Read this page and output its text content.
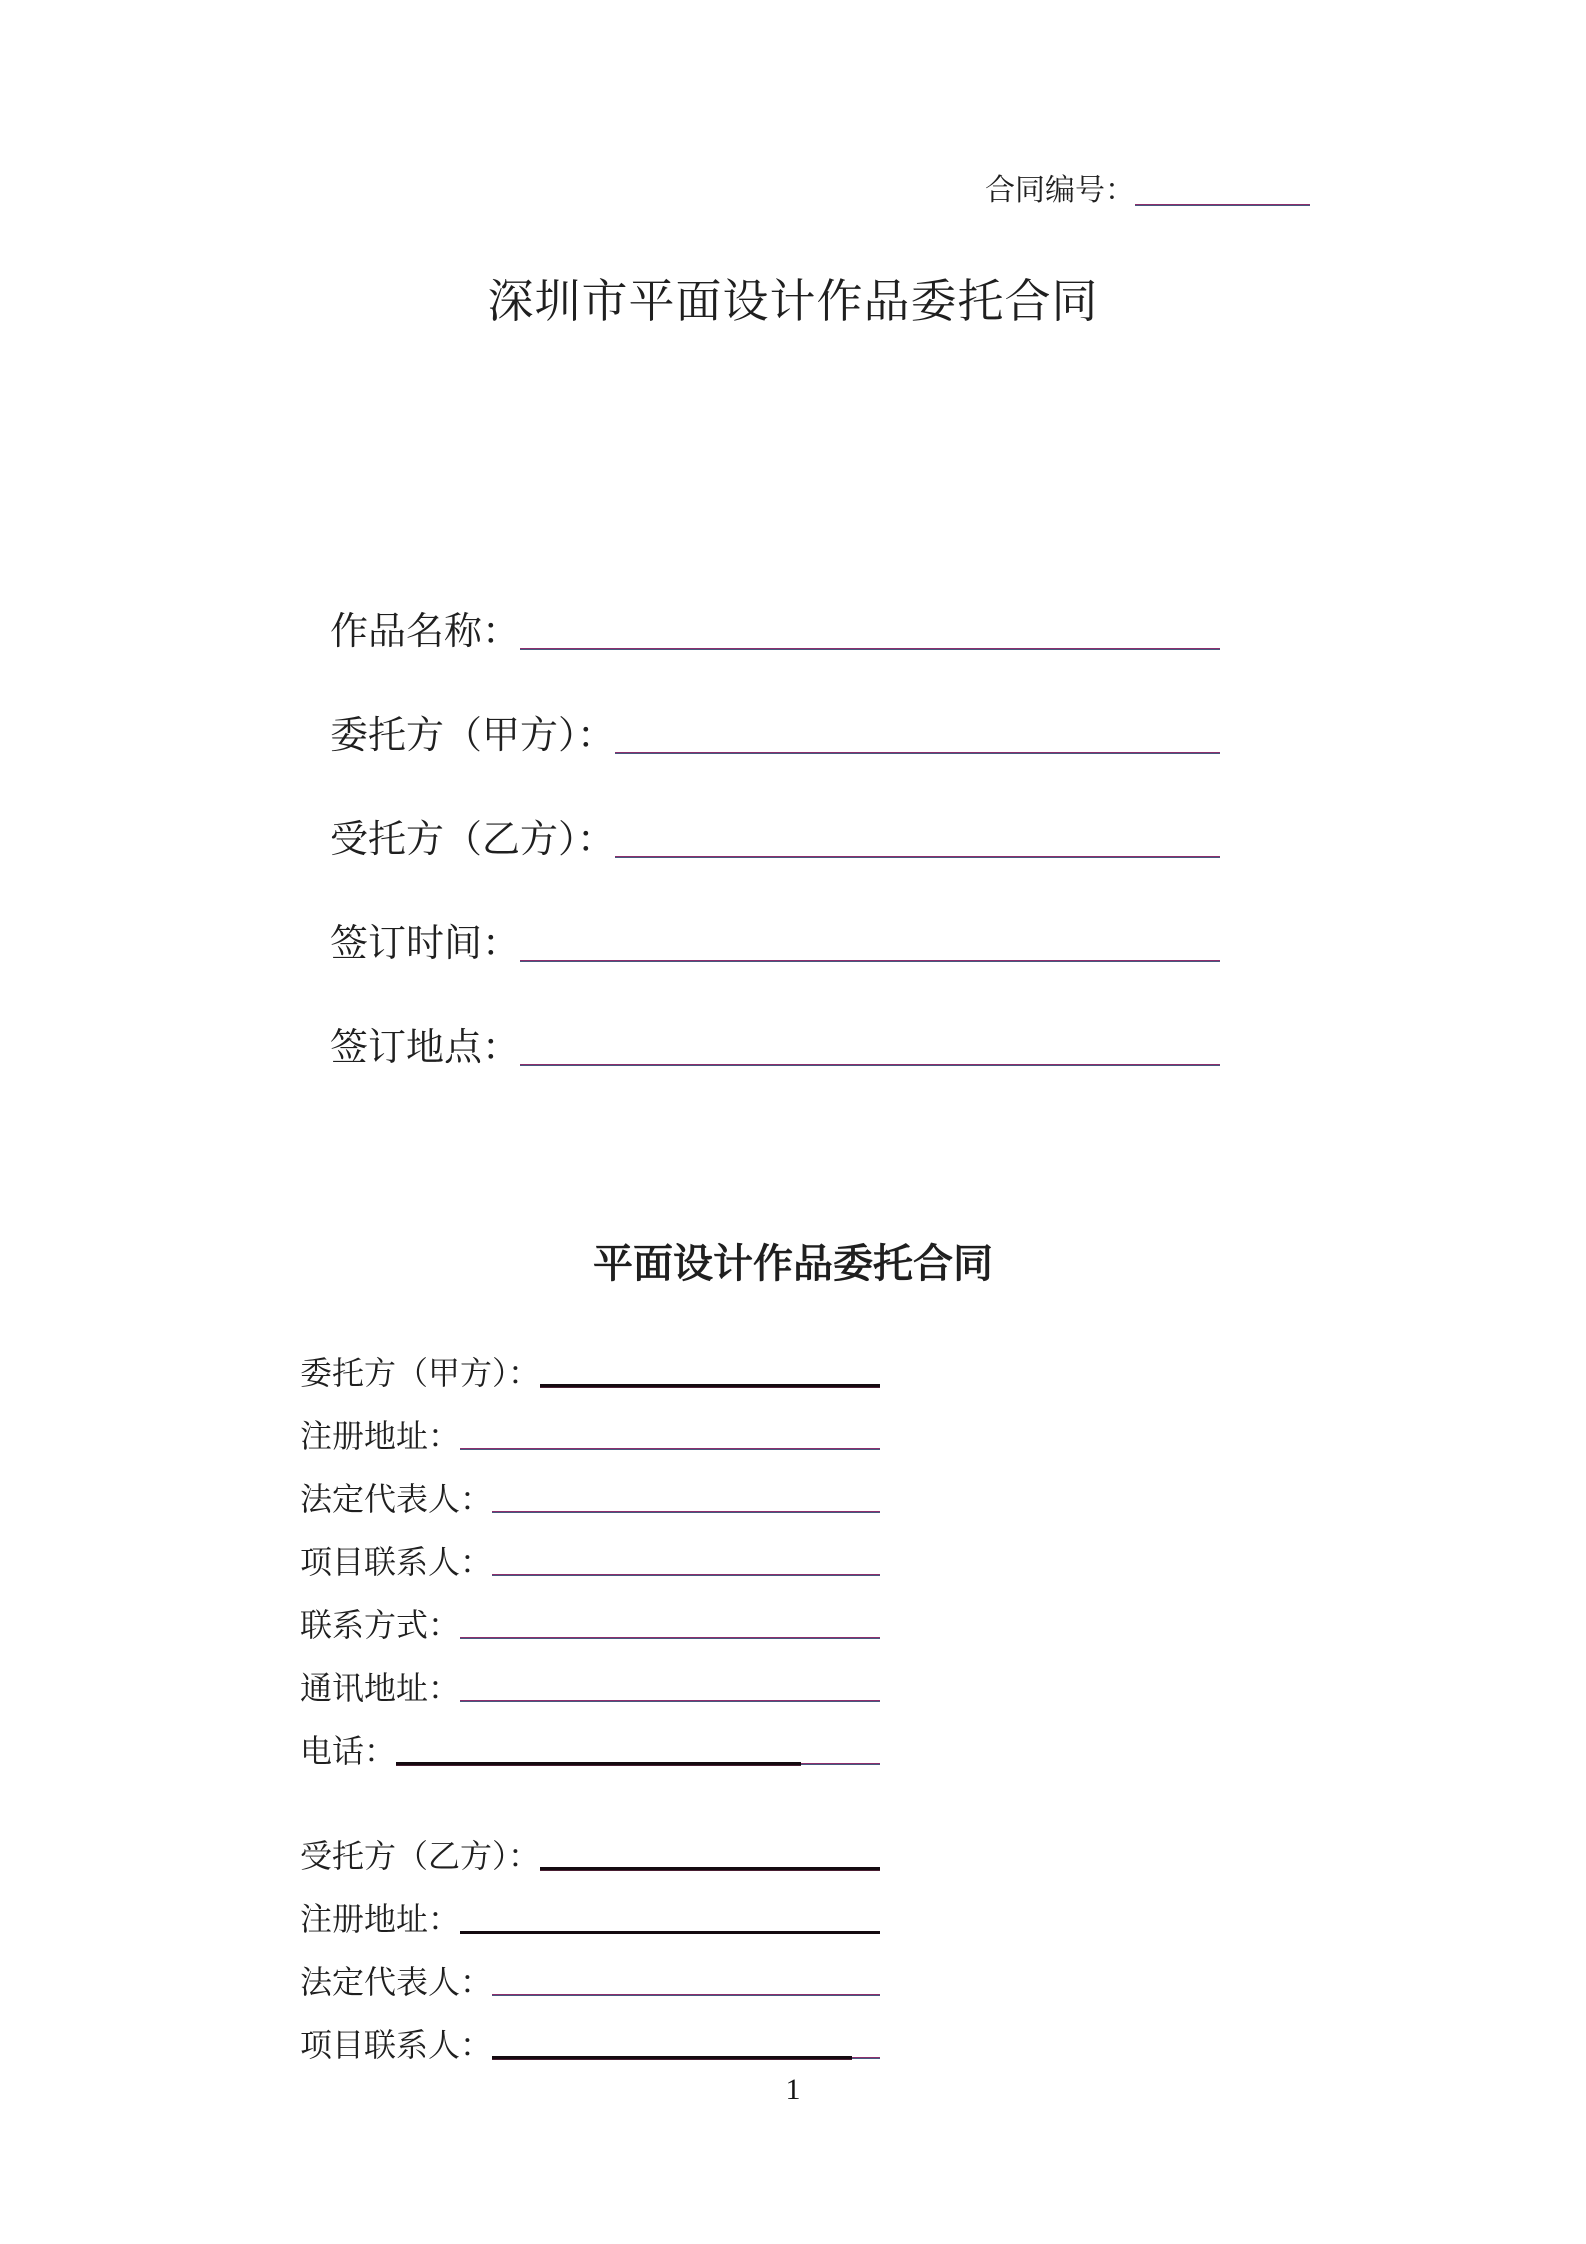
合同编号：
深圳市平面设计作品委托合同
作品名称：
委托方（甲方）：
受托方（乙方）：
签订时间：
签订地点：
平面设计作品委托合同
委托方（甲方）：
注册地址：
法定代表人：
项目联系人：
联系方式：
通讯地址：
电话：
受托方（乙方）：
注册地址：
法定代表人：
项目联系人：
1
